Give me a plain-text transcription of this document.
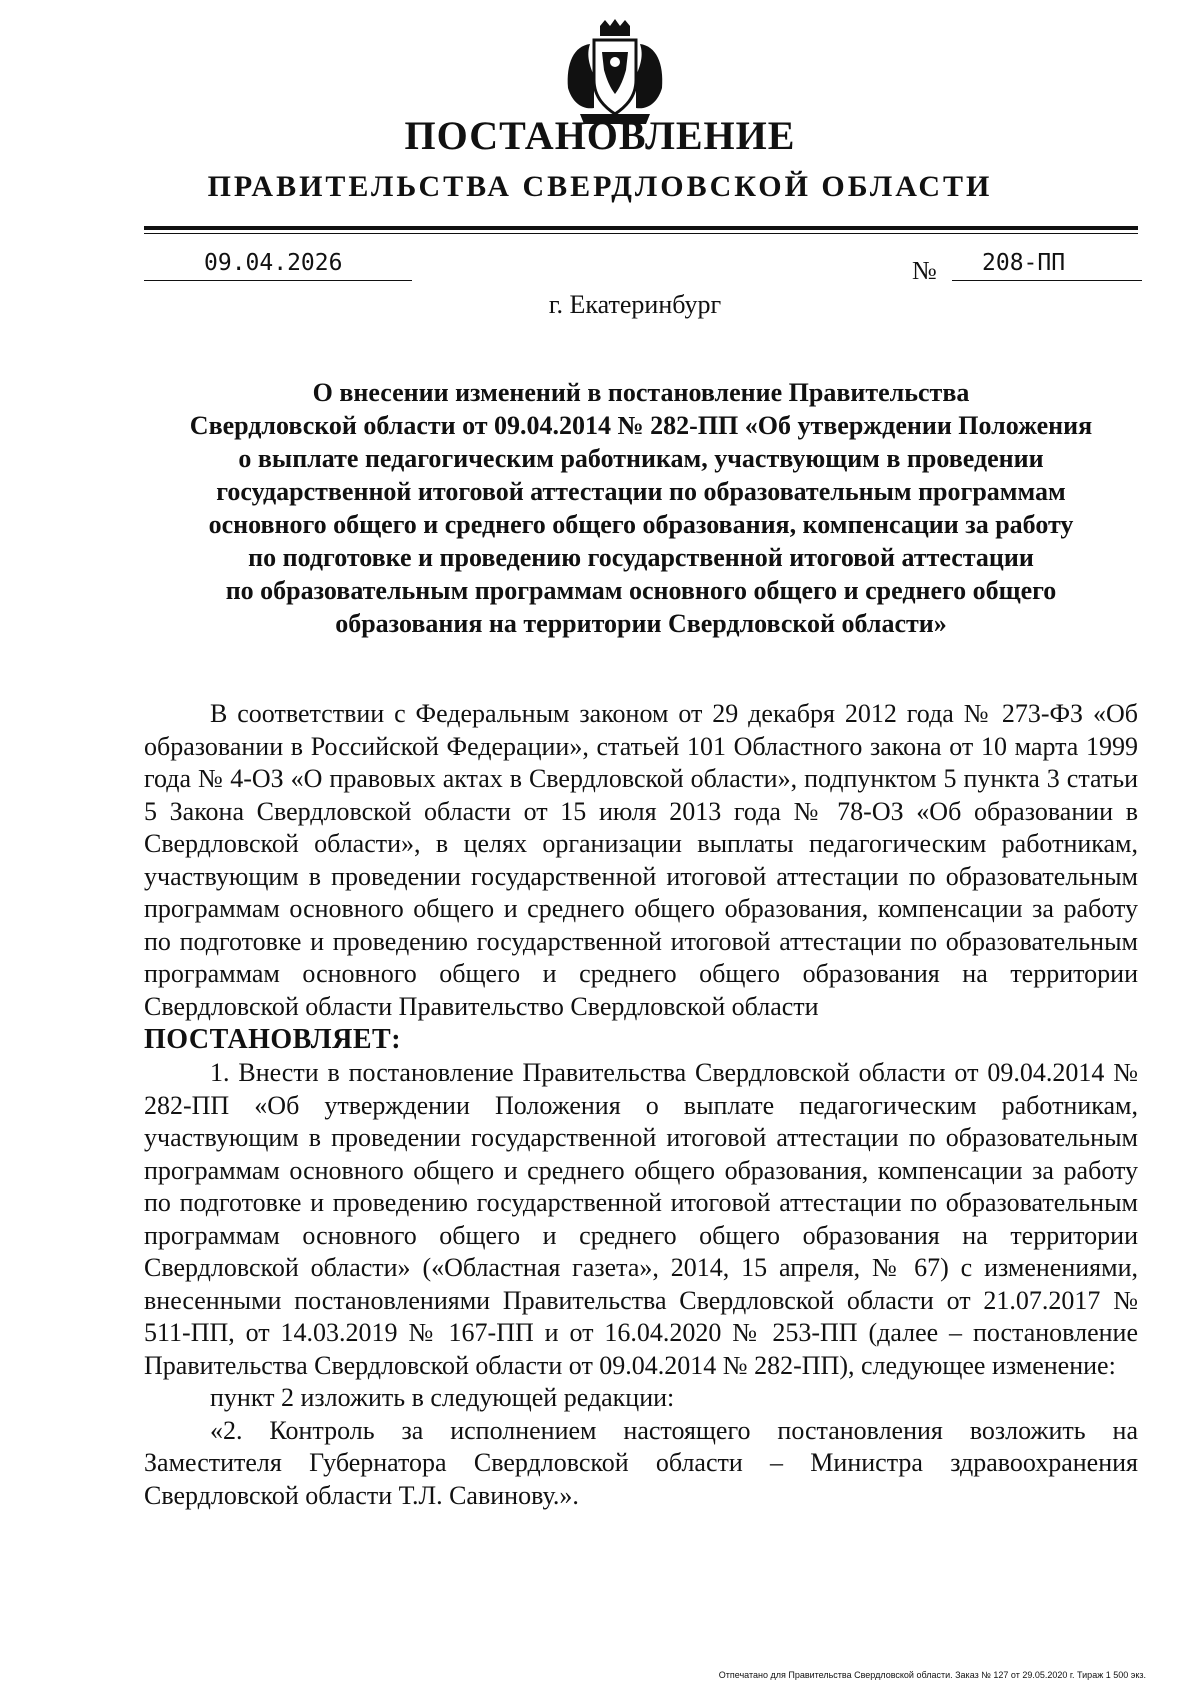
ПОСТАНОВЛЕНИЕ
ПРАВИТЕЛЬСТВА СВЕРДЛОВСКОЙ ОБЛАСТИ
09.04.2026	№	208-ПП
г. Екатеринбург
О внесении изменений в постановление Правительства
Свердловской области от 09.04.2014 № 282-ПП «Об утверждении Положения
о выплате педагогическим работникам, участвующим в проведении
государственной итоговой аттестации по образовательным программам
основного общего и среднего общего образования, компенсации за работу
по подготовке и проведению государственной итоговой аттестации
по образовательным программам основного общего и среднего общего
образования на территории Свердловской области»

В соответствии с Федеральным законом от 29 декабря 2012 года № 273-ФЗ «Об образовании в Российской Федерации», статьей 101 Областного закона от 10 марта 1999 года № 4-ОЗ «О правовых актах в Свердловской области», подпунктом 5 пункта 3 статьи 5 Закона Свердловской области от 15 июля 2013 года № 78-ОЗ «Об образовании в Свердловской области», в целях организации выплаты педагогическим работникам, участвующим в проведении государственной итоговой аттестации по образовательным программам основного общего и среднего общего образования, компенсации за работу по подготовке и проведению государственной итоговой аттестации по образовательным программам основного общего и среднего общего образования на территории Свердловской области Правительство Свердловской области

ПОСТАНОВЛЯЕТ:

1. Внести в постановление Правительства Свердловской области от 09.04.2014 № 282-ПП «Об утверждении Положения о выплате педагогическим работникам, участвующим в проведении государственной итоговой аттестации по образовательным программам основного общего и среднего общего образования, компенсации за работу по подготовке и проведению государственной итоговой аттестации по образовательным программам основного общего и среднего общего образования на территории Свердловской области» («Областная газета», 2014, 15 апреля, № 67) с изменениями, внесенными постановлениями Правительства Свердловской области от 21.07.2017 № 511-ПП, от 14.03.2019 № 167-ПП и от 16.04.2020 № 253-ПП (далее – постановление Правительства Свердловской области от 09.04.2014 № 282-ПП), следующее изменение:

пункт 2 изложить в следующей редакции:

«2. Контроль за исполнением настоящего постановления возложить на Заместителя Губернатора Свердловской области – Министра здравоохранения Свердловской области Т.Л. Савинову.».

Отпечатано для Правительства Свердловской области. Заказ № 127 от 29.05.2020 г. Тираж 1 500 экз.
